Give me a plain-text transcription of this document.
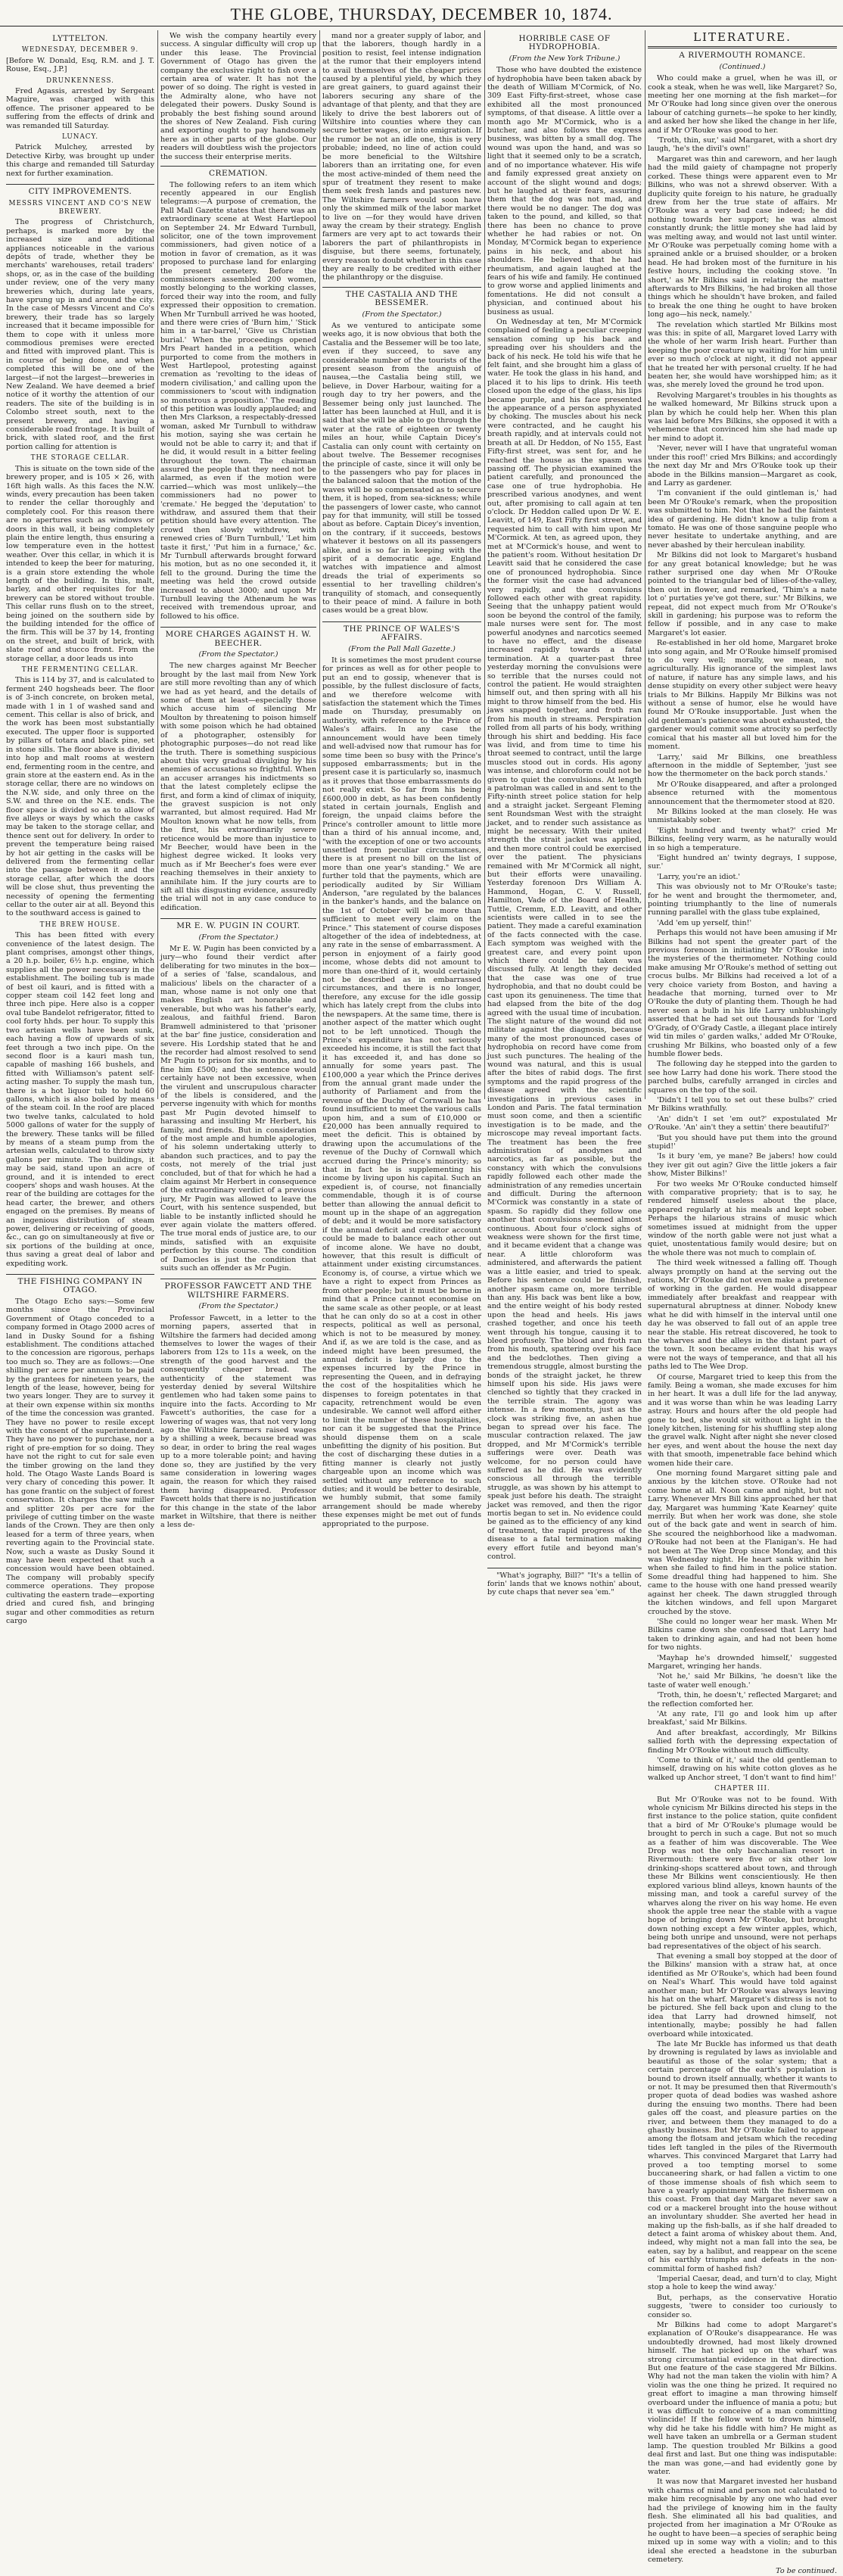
THE GLOBE, THURSDAY, DECEMBER 10, 1874.
LYTTELTON.
WEDNESDAY, DECEMBER 9.

[Before W. Donald, Esq, R.M. and J. T. Rouse, Esq., J.P.]

DRUNKENNESS.

Fred Agassis, arrested by Sergeant Maguire, was charged with this offence. The prisoner appeared to be suffering from the effects of drink and was remanded till Saturday.

LUNACY.

Patrick Mulchey, arrested by Detective Kirby, was brought up under this charge and remanded till Saturday next for further examination.

CITY IMPROVEMENTS.
MESSRS VINCENT AND CO'S NEW BREWERY.

The progress of Christchurch, perhaps, is marked more by the increased size and additional appliances noticeable in the various depôts of trade, whether they be merchants' warehouses, retail traders' shops, or, as in the case of the building under review, one of the very many breweries which, during late years, have sprung up in and around the city. In the case of Messrs Vincent and Co's brewery, their trade has so largely increased that it became impossible for them to cope with it unless more commodious premises were erected and fitted with improved plant. This is in course of being done, and when completed this will be one of the largest—if not the largest—breweries in New Zealand. We have deemed a brief notice of it worthy the attention of our readers. The site of the building is in Colombo street south, next to the present brewery, and having a considerable road frontage. It is built of brick, with slated roof, and the first portion calling for attention is

THE STORAGE CELLAR.

This is situate on the town side of the brewery proper, and is 105 × 26, with 16ft high walls. As this faces the N.W. winds, every precaution has been taken to render the cellar thoroughly and completely cool. For this reason there are no apertures such as windows or doors in this wall, it being completely plain the entire length, thus ensuring a low temperature even in the hottest weather. Over this cellar, in which it is intended to keep the beer for maturing, is a grain store extending the whole length of the building. In this, malt, barley, and other requisites for the brewery can be stored without trouble. This cellar runs flush on to the street, being joined on the southern side by the building intended for the office of the firm. This will be 37 by 14, fronting on the street, and built of brick, with slate roof and stucco front. From the storage cellar, a door leads us into

THE FERMENTING CELLAR.

This is 114 by 37, and is calculated to ferment 240 hogsheads beer. The floor is of 3-inch concrete, on broken metal, made with 1 in 1 of washed sand and cement. This cellar is also of brick, and the work has been most substantially executed. The upper floor is supported by pillars of totara and black pine, set in stone sills. The floor above is divided into hop and malt rooms at western end, fermenting room in the centre, and grain store at the eastern end. As in the storage cellar, there are no windows on the N.W. side, and only three on the S.W. and three on the N.E. ends. The floor space is divided so as to allow of five alleys or ways by which the casks may be taken to the storage cellar, and thence sent out for delivery. In order to prevent the temperature being raised by hot air getting in the casks will be delivered from the fermenting cellar into the passage between it and the storage cellar, after which the doors will be close shut, thus preventing the necessity of opening the fermenting cellar to the outer air at all. Beyond this to the southward access is gained to

THE BREW HOUSE.

This has been fitted with every convenience of the latest design. The plant comprises, amongst other things, a 20 h.p. boiler, 6½ h.p. engine, which supplies all the power necessary in the establishment. The boiling tub is made of best oil kauri, and is fitted with a copper steam coil 142 feet long and three inch pipe. Here also is a copper oval tube Bandelot refrigerator, fitted to cool forty hhds. per hour. To supply this two artesian wells have been sunk, each having a flow of upwards of six feet through a two inch pipe. On the second floor is a kauri mash tun, capable of mashing 166 bushels, and fitted with Williamson's patent self-acting masher. To supply the mash tun, there is a hot liquor tub to hold 60 gallons, which is also boiled by means of the steam coil. In the roof are placed two twelve tanks, calculated to hold 5000 gallons of water for the supply of the brewery. These tanks will be filled by means of a steam pump from the artesian wells, calculated to throw sixty gallons per minute. The buildings, it may be said, stand upon an acre of ground, and it is intended to erect coopers' shops and wash houses. At the rear of the building are cottages for the head carter, the brewer, and others engaged on the premises. By means of an ingenious distribution of steam power, delivering or receiving of goods, &c., can go on simultaneously at five or six portions of the building at once, thus saving a great deal of labor and expediting work.

THE FISHING COMPANY IN OTAGO.

The Otago Echo says:—Some few months since the Provincial Government of Otago conceded to a company formed in Otago 2000 acres of land in Dusky Sound for a fishing establishment. The conditions attached to the concession are rigorous, perhaps too much so. They are as follows:—One shilling per acre per annum to be paid by the grantees for nineteen years, the length of the lease, however, being for two years longer. They are to survey it at their own expense within six months of the time the concession was granted. They have no power to resile except with the consent of the superintendent. They have no power to purchase, nor a right of pre-emption for so doing. They have not the right to cut for sale even the timber growing on the land they hold. The Otago Waste Lands Board is very chary of conceding this power. It has gone frantic on the subject of forest conservation. It charges the saw miller and splitter 20s per acre for the privilege of cutting timber on the waste lands of the Crown. They are then only leased for a term of three years, when reverting again to the Provincial state. Now, such a waste as Dusky Sound it may have been expected that such a concession would have been obtained. The company will probably specify commerce operations. They propose cultivating the eastern trade—exporting dried and cured fish, and bringing sugar and other commodities as return cargo

We wish the company heartily every success. A singular difficulty will crop up under this lease. The Provincial Government of Otago has given the company the exclusive right to fish over a certain area of water. It has not the power of so doing. The right is vested in the Admiralty alone, who have not delegated their powers. Dusky Sound is probably the best fishing sound around the shores of New Zealand. Fish curing and exporting ought to pay handsomely here as in other parts of the globe. Our readers will doubtless wish the projectors the success their enterprise merits.

CREMATION.

The following refers to an item which recently appeared in our English telegrams:—A purpose of cremation, the Pall Mall Gazette states that there was an extraordinary scene at West Hartlepool on September 24. Mr Edward Turnbull, solicitor, one of the town improvement commissioners, had given notice of a motion in favor of cremation, as it was proposed to purchase land for enlarging the present cemetery. Before the commissioners assembled 200 women, mostly belonging to the working classes, forced their way into the room, and fully expressed their opposition to cremation. When Mr Turnbull arrived he was hooted, and there were cries of 'Burn him,' 'Stick him in a tar-barrel,' 'Give us Christian burial.' When the proceedings opened Mrs Peart handed in a petition, which purported to come from the mothers in West Hartlepool, protesting against cremation as 'revolting to the ideas of modern civilisation,' and calling upon the commissioners to 'scout with indignation so monstrous a proposition.' The reading of this petition was loudly applauded; and then Mrs Clarkson, a respectably-dressed woman, asked Mr Turnbull to withdraw his motion, saying she was certain he would not be able to carry it; and that if he did, it would result in a bitter feeling throughout the town. The chairman assured the people that they need not be alarmed, as even if the motion were carried—which was most unlikely—the commissioners had no power to 'cremate.' He begged the 'deputation' to withdraw, and assured them that their petition should have every attention. The crowd then slowly withdrew, with renewed cries of 'Burn Turnbull,' 'Let him taste it first,' 'Put him in a furnace,' &c. Mr Turnbull afterwards brought forward his motion, but as no one seconded it, it fell to the ground. During the time the meeting was held the crowd outside increased to about 3000; and upon Mr Turnbull leaving the Athenæum he was received with tremendous uproar, and followed to his office.

MORE CHARGES AGAINST H. W. BEECHER.
(From the Spectator.)

The new charges against Mr Beecher brought by the last mail from New York are still more revolting than any of which we had as yet heard, and the details of some of them at least—especially those which accuse him of silencing Mr Moulton by threatening to poison himself with some poison which he had obtained of a photographer, ostensibly for photographic purposes—do not read like the truth. There is something suspicious about this very gradual divulging by his enemies of accusations so frightful. When an accuser arranges his indictments so that the latest completely eclipse the first, and form a kind of climax of iniquity, the gravest suspicion is not only warranted, but almost required. Had Mr Moulton known what he now tells, from the first, his extraordinarily severe reticence would be more than injustice to Mr Beecher, would have been in the highest degree wicked. It looks very much as if Mr Beecher's foes were ever reaching themselves in their anxiety to annihilate him. If the jury courts are to sift all this disgusting evidence, assuredly the trial will not in any case conduce to edification.

MR E. W. PUGIN IN COURT.
(From the Spectator.)

Mr E. W. Pugin has been convicted by a jury—who found their verdict after deliberating for two minutes in the box—of a series of 'false, scandalous, and malicious' libels on the character of a man, whose name is not only one that makes English art honorable and venerable, but who was his father's early, zealous, and faithful friend. Baron Bramwell administered to that 'prisoner at the bar' fine justice, consideration and severe. His Lordship stated that he and the recorder had almost resolved to send Mr Pugin to prison for six months, and to fine him £500; and the sentence would certainly have not been excessive, when the virulent and unscrupulous character of the libels is considered, and the perverse ingenuity with which for months past Mr Pugin devoted himself to harassing and insulting Mr Herbert, his family, and friends. But in consideration of the most ample and humble apologies, of his solemn undertaking utterly to abandon such practices, and to pay the costs, not merely of the trial just concluded, but of that for which he had a claim against Mr Herbert in consequence of the extraordinary verdict of a previous jury, Mr Pugin was allowed to leave the Court, with his sentence suspended, but liable to be instantly inflicted should he ever again violate the matters offered. The true moral ends of justice are, to our minds, satisfied with an exquisite perfection by this course. The condition of Damocles is just the condition that suits such an offender as Mr Pugin.

PROFESSOR FAWCETT AND THE WILTSHIRE FARMERS.
(From the Spectator.)

Professor Fawcett, in a letter to the morning papers, asserted that in Wiltshire the farmers had decided among themselves to lower the wages of their laborers from 12s to 11s a week, on the strength of the good harvest and the consequently cheaper bread. The authenticity of the statement was yesterday denied by several Wiltshire gentlemen who had taken some pains to inquire into the facts. According to Mr Fawcett's authorities, the case for a lowering of wages was, that not very long ago the Wiltshire farmers raised wages by a shilling a week, because bread was so dear, in order to bring the real wages up to a more tolerable point; and having done so, they are justified by the very same consideration in lowering wages again, the reason for which they raised them having disappeared. Professor Fawcett holds that there is no justification for this change in the state of the labor market in Wiltshire, that there is neither a less de-

mand nor a greater supply of labor, and that the laborers, though hardly in a position to resist, feel intense indignation at the rumor that their employers intend to avail themselves of the cheaper prices caused by a plentiful yield, by which they are great gainers, to guard against their laborers securing any share of the advantage of that plenty, and that they are likely to drive the best laborers out of Wiltshire into counties where they can secure better wages, or into emigration. If the rumor be not an idle one, this is very probable; indeed, no line of action could be more beneficial to the Wiltshire laborers than an irritating one, for even the most active-minded of them need the spur of treatment they resent to make them seek fresh lands and pastures new. The Wiltshire farmers would soon have only the skimmed milk of the labor market to live on —for they would have driven away the cream by their strategy. English farmers are very apt to act towards their laborers the part of philanthropists in disguise, but there seems, fortunately, every reason to doubt whether in this case they are really to be credited with either the philanthropy or the disguise.

THE CASTALIA AND THE BESSEMER.
(From the Spectator.)

As we ventured to anticipate some weeks ago, it is now obvious that both the Castalia and the Bessemer will be too late, even if they succeed, to save any considerable number of the tourists of the present season from the anguish of nausea,—the Castalia being still, we believe, in Dover Harbour, waiting for a rough day to try her powers, and the Bessemer being only just launched. The latter has been launched at Hull, and it is said that she will be able to go through the water at the rate of eighteen or twenty miles an hour, while Captain Dicey's Castalia can only count with certainty on about twelve. The Bessemer recognises the principle of caste, since it will only be to the passengers who pay for places in the balanced saloon that the motion of the waves will be so compensated as to secure them, it is hoped, from sea-sickness; while the passengers of lower caste, who cannot pay for that immunity, will still be tossed about as before. Captain Dicey's invention, on the contrary, if it succeeds, bestows whatever it bestows on all its passengers alike, and is so far in keeping with the spirit of a democratic age. England watches with impatience and almost dreads the trial of experiments so essential to her travelling children's tranquility of stomach, and consequently to their peace of mind. A failure in both cases would be a great blow.

THE PRINCE OF WALES'S AFFAIRS.
(From the Pall Mall Gazette.)

It is sometimes the most prudent course for princes as well as for other people to put an end to gossip, whenever that is possible, by the fullest disclosure of facts, and we therefore welcome with satisfaction the statement which the Times made on Thursday, presumably on authority, with reference to the Prince of Wales's affairs. In any case the announcement would have been timely and well-advised now that rumour has for some time been so busy with the Prince's supposed embarrassments; but in the present case it is particularly so, inasmuch as it proves that those embarrassments do not really exist. So far from his being £600,000 in debt, as has been confidently stated in certain journals, English and foreign, the unpaid claims before the Prince's controller amount to little more than a third of his annual income, and, "with the exception of one or two accounts unsettled from peculiar circumstances, there is at present no bill on the list of more than one year's standing." We are further told that the payments, which are periodically audited by Sir William Anderson, "are regulated by the balances in the banker's hands, and the balance on the 1st of October will be more than sufficient to meet every claim on the Prince." This statement of course disposes altogether of the idea of indebtedness, at any rate in the sense of embarrassment. A person in enjoyment of a fairly good income, whose debts did not amount to more than one-third of it, would certainly not be described as in embarrassed circumstances, and there is no longer, therefore, any excuse for the idle gossip which has lately crept from the clubs into the newspapers. At the same time, there is another aspect of the matter which ought not to be left unnoticed. Though the Prince's expenditure has not seriously exceeded his income, it is still the fact that it has exceeded it, and has done so annually for some years past. The £100,000 a year which the Prince derives from the annual grant made under the authority of Parliament and from the revenue of the Duchy of Cornwall he has found insufficient to meet the various calls upon him, and a sum of £10,000 or £20,000 has been annually required to meet the deficit. This is obtained by drawing upon the accumulations of the revenue of the Duchy of Cornwall which accrued during the Prince's minority; so that in fact he is supplementing his income by living upon his capital. Such an expedient is, of course, not financially commendable, though it is of course better than allowing the annual deficit to mount up in the shape of an aggregation of debt; and it would be more satisfactory if the annual deficit and creditor account could be made to balance each other out of income alone. We have no doubt, however, that this result is difficult of attainment under existing circumstances. Economy is, of course, a virtue which we have a right to expect from Princes as from other people; but it must be borne in mind that a Prince cannot economise on the same scale as other people, or at least that he can only do so at a cost in other respects, political as well as personal, which is not to be measured by money. And if, as we are told is the case, and as indeed might have been presumed, the annual deficit is largely due to the expenses incurred by the Prince in representing the Queen, and in defraying the cost of the hospitalities which he dispenses to foreign potentates in that capacity, retrenchment would be even undesirable. We cannot well afford either to limit the number of these hospitalities, nor can it be suggested that the Prince should dispense them on a scale unbefitting the dignity of his position. But the cost of discharging these duties in a fitting manner is clearly not justly chargeable upon an income which was settled without any reference to such duties; and it would be better to desirable, we humbly submit, that some family arrangement should be made whereby these expenses might be met out of funds appropriated to the purpose.

HORRIBLE CASE OF HYDROPHOBIA.
(From the New York Tribune.)

Those who have doubted the existence of hydrophobia have been taken aback by the death of William M'Cormick, of No. 309 East Fifty-first-street, whose case exhibited all the most pronounced symptoms, of that disease. A little over a month ago Mr M'Cormick, who is a butcher, and also follows the express business, was bitten by a small dog. The wound was upon the hand, and was so light that it seemed only to be a scratch, and of no importance whatever. His wife and family expressed great anxiety on account of the slight wound and dogs; but he laughed at their fears, assuring them that the dog was not mad, and there would be no danger. The dog was taken to the pound, and killed, so that there has been no chance to prove whether he had rabies or not. On Monday, M'Cormick began to experience pains in his neck, and about his shoulders. He believed that he had rheumatism, and again laughed at the fears of his wife and family. He continued to grow worse and applied liniments and fomentations. He did not consult a physician, and continued about his business as usual.

On Wednesday at ten, Mr M'Cormick complained of feeling a peculiar creeping sensation coming up his back and spreading over his shoulders and the back of his neck. He told his wife that he felt faint, and she brought him a glass of water. He took the glass in his hand, and placed it to his lips to drink. His teeth closed upon the edge of the glass, his lips became purple, and his face presented the appearance of a person asphyxiated by choking. The muscles about his neck were contracted, and he caught his breath rapidly, and at intervals could not breath at all. Dr Heddon, of No 155, East Fifty-first street, was sent for, and he reached the house as the spasm was passing off. The physician examined the patient carefully, and pronounced the case one of true hydrophobia. He prescribed various anodynes, and went out, after promising to call again at ten o'clock. Dr Heddon called upon Dr W. E. Leavitt, of 149, East Fifty first street, and requested him to call with him upon Mr M'Cormick. At ten, as agreed upon, they met at M'Cormick's house, and went to the patient's room. Without hesitation Dr Leavitt said that he considered the case one of pronounced hydrophobia. Since the former visit the case had advanced very rapidly, and the convulsions followed each other with great rapidity. Seeing that the unhappy patient would soon be beyond the control of the family, male nurses were sent for. The most powerful anodynes and narcotics seemed to have no effect, and the disease increased rapidly towards a fatal termination. At a quarter-past three yesterday morning the convulsions were so terrible that the nurses could not control the patient. He would straighten himself out, and then spring with all his might to throw himself from the bed. His jaws snapped together, and froth ran from his mouth in streams. Perspiration rolled from all parts of his body, writhing through his shirt and bedding. His face was livid, and from time to time his throat seemed to contract, until the large muscles stood out in cords. His agony was intense, and chloroform could not be given to quiet the convulsions. At length a patrolman was called in and sent to the Fifty-ninth street police station for help and a straight jacket. Sergeant Fleming sent Roundsman West with the straight jacket, and to render such assistance as might be necessary. With their united strength the strait jacket was applied, and then more control could be exercised over the patient. The physicians remained with Mr M'Cormick all night, but their efforts were unavailing. Yesterday forenoon Drs William A. Hammond, Hogan, C. V. Russell, Hamilton, Vade of the Board of Health, Tuttle, Cremm, E.D. Leavitt, and other scientists were called in to see the patient. They made a careful examination of the facts connected with the case. Each symptom was weighed with the greatest care, and every point upon which there could be taken was discussed fully. At length they decided that the case was one of true hydrophobia, and that no doubt could be cast upon its genuineness. The time that had elapsed from the bite of the dog agreed with the usual time of incubation. The slight nature of the wound did not militate against the diagnosis, because many of the most pronounced cases of hydrophobia on record have come from just such punctures. The healing of the wound was natural, and this is usual after the bites of rabid dogs. The first symptoms and the rapid progress of the disease agreed with the scientific investigations in previous cases in London and Paris. The fatal termination must soon come, and then a scientific investigation is to be made, and the microscope may reveal important facts. The treatment has been the free administration of anodynes and narcotics, as far as possible, but the constancy with which the convulsions rapidly followed each other made the administration of any remedies uncertain and difficult. During the afternoon M'Cormick was constantly in a state of spasm. So rapidly did they follow one another that convulsions seemed almost continuous. About four o'clock sighs of weakness were shown for the first time, and it became evident that a change was near. A little chloroform was administered, and afterwards the patient was a little easier, and tried to speak. Before his sentence could be finished, another spasm came on, more terrible than any. His back was bent like a bow, and the entire weight of his body rested upon the head and heels. His jaws crashed together, and once his teeth went through his tongue, causing it to bleed profusely. The blood and froth ran from his mouth, spattering over his face and the bedclothes. Then giving a tremendous struggle, almost bursting the bonds of the straight jacket, he threw himself upon his side. His jaws were clenched so tightly that they cracked in the terrible strain. The agony was intense. In a few moments, just as the clock was striking five, an ashen hue began to spread over his face. The muscular contraction relaxed. The jaw dropped, and Mr M'Cormick's terrible sufferings were over. Death was welcome, for no person could have suffered as he did. He was evidently conscious all through the terrible struggle, as was shown by his attempt to speak just before his death. The straight jacket was removed, and then the rigor mortis began to set in. No evidence could be gained as to the efficiency of any kind of treatment, the rapid progress of the disease to a fatal termination making every effort futile and beyond man's control.

"What's jography, Bill?" "It's a tellin of forin' lands that we knows nothin' about, by cute chaps that never sea 'em."

LITERATURE.
A RIVERMOUTH ROMANCE.
(Continued.)

Who could make a gruel, when he was ill, or cook a steak, when he was well, like Margaret? So, meeting her one morning at the fish market—for Mr O'Rouke had long since given over the onerous labour of catching gurnets—he spoke to her kindly, and asked her how she liked the change in her life, and if Mr O'Rouke was good to her.

'Troth, thin, sur,' said Margaret, with a short dry laugh, 'he's the divil's own!'

Margaret was thin and careworn, and her laugh had the mild gaiety of champagne not properly corked. These things were apparent even to Mr Bilkins, who was not a shrewd observer. With a duplicity quite foreign to his nature, he gradually drew from her the true state of affairs. Mr O'Rouke was a very bad case indeed; he did nothing towards her support; he was almost constantly drunk; the little money she had laid by was melting away, and would not last until winter. Mr O'Rouke was perpetually coming home with a sprained ankle or a bruised shoulder, or a broken head. He had broken most of the furniture in his festive hours, including the cooking stove. 'In short,' as Mr Bilkins said in relating the matter afterwards to Mrs Bilkins, 'he had broken all those things which he shouldn't have broken, and failed to break the one thing he ought to have broken long ago—his neck, namely.'

The revelation which startled Mr Bilkins most was this: in spite of all, Margaret loved Larry with the whole of her warm Irish heart. Further than keeping the poor creature up waiting 'for him until ever so much o'clock at night, it did not appear that he treated her with personal cruelty. If he had beaten her, she would have worshipped him; as it was, she merely loved the ground he trod upon.

Revolving Margaret's troubles in his thoughts as he walked homeward, Mr Bilkins struck upon a plan by which he could help her. When this plan was laid before Mrs Bilkins, she opposed it with a vehemence that convinced him she had made up her mind to adopt it.

'Never, never will I have that ungrateful woman under this roof!' cried Mrs Bilkins; and accordingly the next day Mr and Mrs O'Rouke took up their abode in the Bilkins mansion—Margaret as cook, and Larry as gardener.

'I'm convanient if the ould gintleman is,' had been Mr O'Rouke's remark, when the proposition was submitted to him. Not that he had the faintest idea of gardening. He didn't know a tulip from a tomato. He was one of those sanguine people who never hesitate to undertake anything, and are never abashed by their herculean inability.

Mr Bilkins did not look to Margaret's husband for any great botanical knowledge; but he was rather surprised one day when Mr O'Rouke pointed to the triangular bed of lilies-of-the-valley, then out in flower, and remarked, 'Thim's a nate lot o' purtaties ye've got there, sur.' Mr Bilkins, we repeat, did not expect much from Mr O'Rouke's skill in gardening; his purpose was to reform the fellow if possible, and in any case to make Margaret's lot easier.

Re-established in her old home, Margaret broke into song again, and Mr O'Rouke himself promised to do very well; morally, we mean, not agriculturally. His ignorance of the simplest laws of nature, if nature has any simple laws, and his dense stupidity on every other subject were heavy trials to Mr Bilkins. Happily Mr Bilkins was not without a sense of humor, else he would have found Mr O'Rouke insupportable. Just when the old gentleman's patience was about exhausted, the gardener would commit some atrocity so perfectly comical that his master all but loved him for the moment.

'Larry,' said Mr Bilkins, one breathless afternoon in the middle of September, 'just see how the thermometer on the back porch stands.'

Mr O'Rouke disappeared, and after a prolonged absence returned with the momentous announcement that the thermometer stood at 820.

Mr Bilkins looked at the man closely. He was unmistakably sober.

'Eight hundred and twenty what?' cried Mr Bilkins, feeling very warm, as he naturally would in so high a temperature.

'Eight hundred an' twinty degrays, I suppose, sur.'

'Larry, you're an idiot.'

This was obviously not to Mr O'Rouke's taste; for he went and brought the thermometer, and, pointing triumphantly to the line of numerals running parallel with the glass tube explained,

'Add 'em up yerself, thin!'

Perhaps this would not have been amusing if Mr Bilkins had not spent the greater part of the previous forenoon in initiating Mr O'Rouke into the mysteries of the thermometer. Nothing could make amusing Mr O'Rouke's method of setting out crocus bulbs. Mr Bilkins had received a lot of a very choice variety from Boston, and having a headache that morning, turned over to Mr O'Rouke the duty of planting them. Though he had never seen a bulb in his life Larry unblushingly asserted that he had set out thousands for 'Lord O'Grady, of O'Grady Castle, a illegant place intirely wid tin miles o' garden walks,' added Mr O'Rouke, crushing Mr Bilkins, who boasted only of a few humble flower beds.

The following day he stepped into the garden to see how Larry had done his work. There stood the parched bulbs, carefully arranged in circles and squares on the top of the soil.

'Didn't I tell you to set out these bulbs?' cried Mr Bilkins wrathfully.

'An' didn't I set 'em out?' expostulated Mr O'Rouke. 'An' ain't they a settin' there beautiful?'

'But you should have put them into the ground stupid!'

'Is it bury 'em, ye mane? Be jabers! how could they iver git out agin? Give the little jokers a fair show, Mister Bilkins!'

For two weeks Mr O'Rouke conducted himself with comparative propriety; that is to say, he rendered himself useless about the place, appeared regularly at his meals and kept sober. Perhaps the hilarious strains of music which sometimes issued at midnight from the upper window of the north gable were not just what a quiet, unostentatious family would desire; but on the whole there was not much to complain of.

The third week witnessed a falling off. Though always promptly on hand at the serving out the rations, Mr O'Rouke did not even make a pretence of working in the garden. He would disappear immediately after breakfast and reappear with supernatural abruptness at dinner. Nobody knew what he did with himself in the interval until one day he was observed to fall out of an apple tree near the stable. His retreat discovered, he took to the wharves and the alleys in the distant part of the town. It soon became evident that his ways were not the ways of temperance, and that all his paths led to The Wee Drop.

Of course, Margaret tried to keep this from the family. Being a woman, she made excuses for him in her heart. It was a dull life for the lad anyway, and it was worse than whin he was leading Larry astray. Hours and hours after the old people had gone to bed, she would sit without a light in the lonely kitchen, listening for his shuffling step along the gravel walk. Night after night she never closed her eyes, and went about the house the next day with that smooth, impenetrable face behind which women hide their care.

One morning found Margaret sitting pale and anxious by the kitchen stove. O'Rouke had not come home at all. Noon came and night, but not Larry. Whenever Mrs Bill kins approached her that day, Margaret was humming 'Kate Kearney' quite merrily. But when her work was done, she stole out of the back gate and went in search of him. She scoured the neighborhood like a madwoman. O'Rouke had not been at the Flanigan's. He had not been at The Wee Drop since Monday, and this was Wednesday night. He heart sank within her when she failed to find him in the police station. Some dreadful thing had happened to him. She came to the house with one hand pressed wearily against her cheek. The dawn struggled through the kitchen windows, and fell upon Margaret crouched by the stove.

'She could no longer wear her mask. When Mr Bilkins came down she confessed that Larry had taken to drinking again, and had not been home for two nights.

'Mayhap he's drownded himself,' suggested Margaret, wringing her hands.

'Not he,' said Mr Bilkins, 'he doesn't like the taste of water well enough.'

'Troth, thin, he doesn't,' reflected Margaret; and the reflection comforted her.

'At any rate, I'll go and look him up after breakfast,' said Mr Bilkins.

And after breakfast, accordingly, Mr Bilkins sallied forth with the depressing expectation of finding Mr O'Rouke without much difficulty.

'Come to think of it,' said the old gentleman to himself, drawing on his white cotton gloves as he walked up Anchor street, 'I don't want to find him!'

CHAPTER III.

But Mr O'Rouke was not to be found. With whole cynicism Mr Bilkins directed his steps in the first instance to the police station, quite confident that a bird of Mr O'Rouke's plumage would be brought to perch in such a cage. But not so much as a feather of him was discoverable. The Wee Drop was not the only bacchanalian resort in Rivermouth: there were five or six other low drinking-shops scattered about town, and through these Mr Bilkins went conscientiously. He then explored various blind alleys, known haunts of the missing man, and took a careful survey of the wharves along the river on his way home. He even shook the apple tree near the stable with a vague hope of bringing down Mr O'Rouke, but brought down nothing except a few winter apples, which, being both unripe and unsound, were not perhaps bad representatives of the object of his search.

That evening a small boy stopped at the door of the Bilkins' mansion with a straw hat, at once identified as Mr O'Rouke's, which had been found on Neal's Wharf. This would have told against another man; but Mr O'Rouke was always leaving his hat on the wharf. Margaret's distress is not to be pictured. She fell back upon and clung to the idea that Larry had drowned himself, not intentionally, maybe; possibly he had fallen overboard while intoxicated.

The late Mr Buckle has informed us that death by drowning is regulated by laws as inviolable and beautiful as those of the solar system; that a certain percentage of the earth's population is bound to drown itself annually, whether it wants to or not. It may be presumed then that Rivermouth's proper quota of dead bodies was washed ashore during the ensuing two months. There had been gales off the coast, and pleasure parties on the river, and between them they managed to do a ghastly business. But Mr O'Rouke failed to appear among the flotsam and jetsam which the receding tides left tangled in the piles of the Rivermouth wharves. This convinced Margaret that Larry had proved a too tempting morsel to some buccaneering shark, or had fallen a victim to one of those immense shoals of fish which seem to have a yearly appointment with the fishermen on this coast. From that day Margaret never saw a cod or a mackerel brought into the house without an involuntary shudder. She averted her head in making up the fish-balls, as if she half dreaded to detect a faint aroma of whiskey about them. And, indeed, why might not a man fall into the sea, be eaten, say by a halibut, and reappear on the scene of his earthly triumphs and defeats in the non-committal form of hashed fish?

'Imperial Caesar, dead, and turn'd to clay, Might stop a hole to keep the wind away.'

But, perhaps, as the conservative Horatio suggests, 'twere to consider too curiously to consider so.

Mr Bilkins had come to adopt Margaret's explanation of O'Rouke's disappearance. He was undoubtedly drowned, had most likely drowned himself. The hat picked up on the wharf was strong circumstantial evidence in that direction. But one feature of the case staggered Mr Bilkins. Why had not the man taken the violin with him? A violin was the one thing he prized. It required no great effort to imagine a man throwing himself overboard under the influence of mania a potu; but it was difficult to conceive of a man committing violincide! If the fellow went to drown himself, why did he take his fiddle with him? He might as well have taken an umbrella or a German student lamp. The question troubled Mr Bilkins a good deal first and last. But one thing was indisputable: the man was gone,—and had evidently gone by water.

It was now that Margaret invested her husband with charms of mind and person not calculated to make him recognisable by any one who had ever had the privilege of knowing him in the faulty flesh. She eliminated all his bad qualities, and projected from her imagination a Mr O'Rouke as he ought to have been—a species of seraphic being mixed up in some way with a violin; and to this ideal she erected a headstone in the suburban cemetery.

To be continued.
